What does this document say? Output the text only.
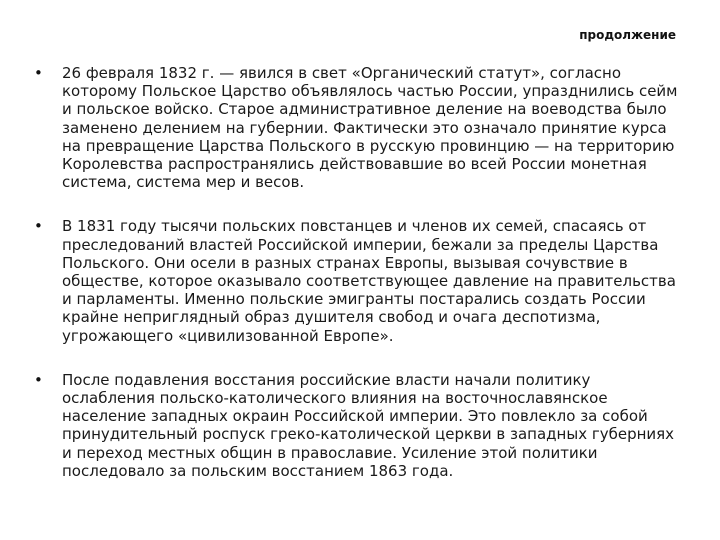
продолжение
• 26 февраля 1832 г. — явился в свет «Органический статут», согласно которому Польское Царство объявлялось частью России, упразднились сейм и польское войско. Старое административное деление на воеводства было заменено делением на губернии. Фактически это означало принятие курса на превращение Царства Польского в русскую провинцию — на территорию Королевства распространялись действовавшие во всей России монетная система, система мер и весов.
• В 1831 году тысячи польских повстанцев и членов их семей, спасаясь от преследований властей Российской империи, бежали за пределы Царства Польского. Они осели в разных странах Европы, вызывая сочувствие в обществе, которое оказывало соответствующее давление на правительства и парламенты. Именно польские эмигранты постарались создать России крайне неприглядный образ душителя свобод и очага деспотизма, угрожающего «цивилизованной Европе».
• После подавления восстания российские власти начали политику ослабления польско-католического влияния на восточнославянское население западных окраин Российской империи. Это повлекло за собой принудительный роспуск греко-католической церкви в западных губерниях и переход местных общин в православие. Усиление этой политики последовало за польским восстанием 1863 года.
